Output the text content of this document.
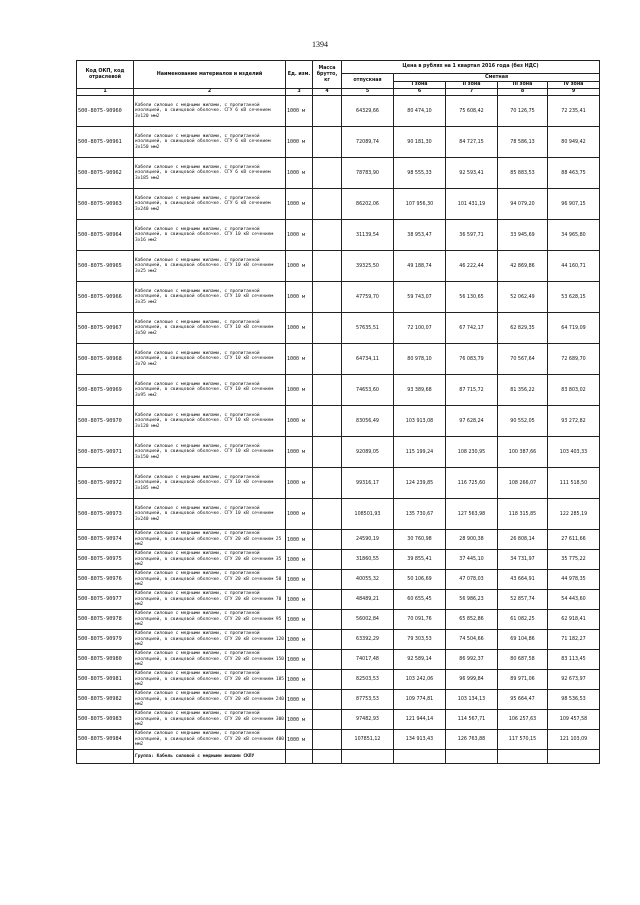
1394
Код ОКП, код отраслевой	Наименование материалов и изделий	Ед. изм.	Масса брутто, кг	Цена в рублях на 1 квартал 2016 года (без НДС)				
				отпускная	Сметная			
					I зона	II зона	III зона	IV зона
1	2	3	4	5	6	7	8	9
500-8075-90960	Кабели силовые с медными жилами, с пропитанной изоляцией, в свинцовой оболочке. СГУ 6 кВ сечением 3х120 мм2	1000 м		64329,66	80 474,10	75 608,42	70 126,75	72 235,41
500-8075-90961	Кабели силовые с медными жилами, с пропитанной изоляцией, в свинцовой оболочке. СГУ 6 кВ сечением 3х150 мм2	1000 м		72089,74	90 181,30	84 727,15	78 586,13	80 949,42
500-8075-90962	Кабели силовые с медными жилами, с пропитанной изоляцией, в свинцовой оболочке. СГУ 6 кВ сечением 3х185 мм2	1000 м		78783,90	98 555,33	92 593,41	85 883,53	88 463,75
500-8075-90963	Кабели силовые с медными жилами, с пропитанной изоляцией, в свинцовой оболочке. СГУ 6 кВ сечением 3х240 мм2	1000 м		86202,06	107 956,30	101 431,19	94 079,20	96 907,15
500-8075-90964	Кабели силовые с медными жилами, с пропитанной изоляцией, в свинцовой оболочке. СГУ 10 кВ сечением 3х16 мм2	1000 м		31139,54	38 953,47	36 597,71	33 945,69	34 965,80
500-8075-90965	Кабели силовые с медными жилами, с пропитанной изоляцией, в свинцовой оболочке. СГУ 10 кВ сечением 3х25 мм2	1000 м		39325,50	49 188,74	46 222,44	42 869,86	44 160,71
500-8075-90966	Кабели силовые с медными жилами, с пропитанной изоляцией, в свинцовой оболочке. СГУ 10 кВ сечением 3х35 мм2	1000 м		47759,70	59 743,07	56 130,65	52 062,49	53 628,15
500-8075-90967	Кабели силовые с медными жилами, с пропитанной изоляцией, в свинцовой оболочке. СГУ 10 кВ сечением 3х50 мм2	1000 м		57635,51	72 100,07	67 742,17	62 829,35	64 719,09
500-8075-90968	Кабели силовые с медными жилами, с пропитанной изоляцией, в свинцовой оболочке. СГУ 10 кВ сечением 3х70 мм2	1000 м		64734,11	80 978,10	76 083,79	70 567,64	72 689,70
500-8075-90969	Кабели силовые с медными жилами, с пропитанной изоляцией, в свинцовой оболочке. СГУ 10 кВ сечением 3х95 мм2	1000 м		74653,60	93 389,68	87 715,72	81 356,22	83 803,02
500-8075-90970	Кабели силовые с медными жилами, с пропитанной изоляцией, в свинцовой оболочке. СГУ 10 кВ сечением 3х120 мм2	1000 м		83056,49	103 913,08	97 628,24	90 552,05	93 272,82
500-8075-90971	Кабели силовые с медными жилами, с пропитанной изоляцией, в свинцовой оболочке. СГУ 10 кВ сечением 3х150 мм2	1000 м		92089,05	115 199,24	108 230,95	100 387,66	103 403,33
500-8075-90972	Кабели силовые с медными жилами, с пропитанной изоляцией, в свинцовой оболочке. СГУ 10 кВ сечением 3х185 мм2	1000 м		99316,17	124 239,85	116 725,60	108 266,07	111 518,50
500-8075-90973	Кабели силовые с медными жилами, с пропитанной изоляцией, в свинцовой оболочке. СГУ 10 кВ сечением 3х240 мм2	1000 м		108501,93	135 730,67	127 563,98	118 315,85	122 285,19
500-8075-90974	Кабели силовые с медными жилами, с пропитанной изоляцией, в свинцовой оболочке. СГУ 20 кВ сечением 25 мм2	1000 м		24590,19	30 760,98	28 900,38	26 808,14	27 611,66
500-8075-90975	Кабели силовые с медными жилами, с пропитанной изоляцией, в свинцовой оболочке. СГУ 20 кВ сечением 35 мм2	1000 м		31860,55	39 855,41	37 445,10	34 731,97	35 775,22
500-8075-90976	Кабели силовые с медными жилами, с пропитанной изоляцией, в свинцовой оболочке. СГУ 20 кВ сечением 50 мм2	1000 м		40055,32	50 106,69	47 078,03	43 664,91	44 978,35
500-8075-90977	Кабели силовые с медными жилами, с пропитанной изоляцией, в свинцовой оболочке. СГУ 20 кВ сечением 70 мм2	1000 м		48489,21	60 655,45	56 986,23	52 857,74	54 443,60
500-8075-90978	Кабели силовые с медными жилами, с пропитанной изоляцией, в свинцовой оболочке. СГУ 20 кВ сечением 95 мм2	1000 м		56002,84	70 091,76	65 852,86	61 082,25	62 918,41
500-8075-90979	Кабели силовые с медными жилами, с пропитанной изоляцией, в свинцовой оболочке. СГУ 20 кВ сечением 120 мм2	1000 м		63392,29	79 303,53	74 504,66	69 104,86	71 182,27
500-8075-90980	Кабели силовые с медными жилами, с пропитанной изоляцией, в свинцовой оболочке. СГУ 20 кВ сечением 150 мм2	1000 м		74017,48	92 589,14	86 992,37	80 687,58	83 113,45
500-8075-90981	Кабели силовые с медными жилами, с пропитанной изоляцией, в свинцовой оболочке. СГУ 20 кВ сечением 185 мм2	1000 м		82503,53	103 242,06	96 999,84	89 971,06	92 673,97
500-8075-90982	Кабели силовые с медными жилами, с пропитанной изоляцией, в свинцовой оболочке. СГУ 20 кВ сечением 240 мм2	1000 м		87753,53	109 774,81	103 134,13	95 664,47	98 536,53
500-8075-90983	Кабели силовые с медными жилами, с пропитанной изоляцией, в свинцовой оболочке. СГУ 20 кВ сечением 300 мм2	1000 м		97482,93	121 944,14	114 567,71	106 257,63	109 457,58
500-8075-90984	Кабели силовые с медными жилами, с пропитанной изоляцией, в свинцовой оболочке. СГУ 20 кВ сечением 400 мм2	1000 м		107851,12	134 913,43	126 763,88	117 570,15	121 103,09
	Группа: Кабель силовой с медными жилами СКЛУ							
